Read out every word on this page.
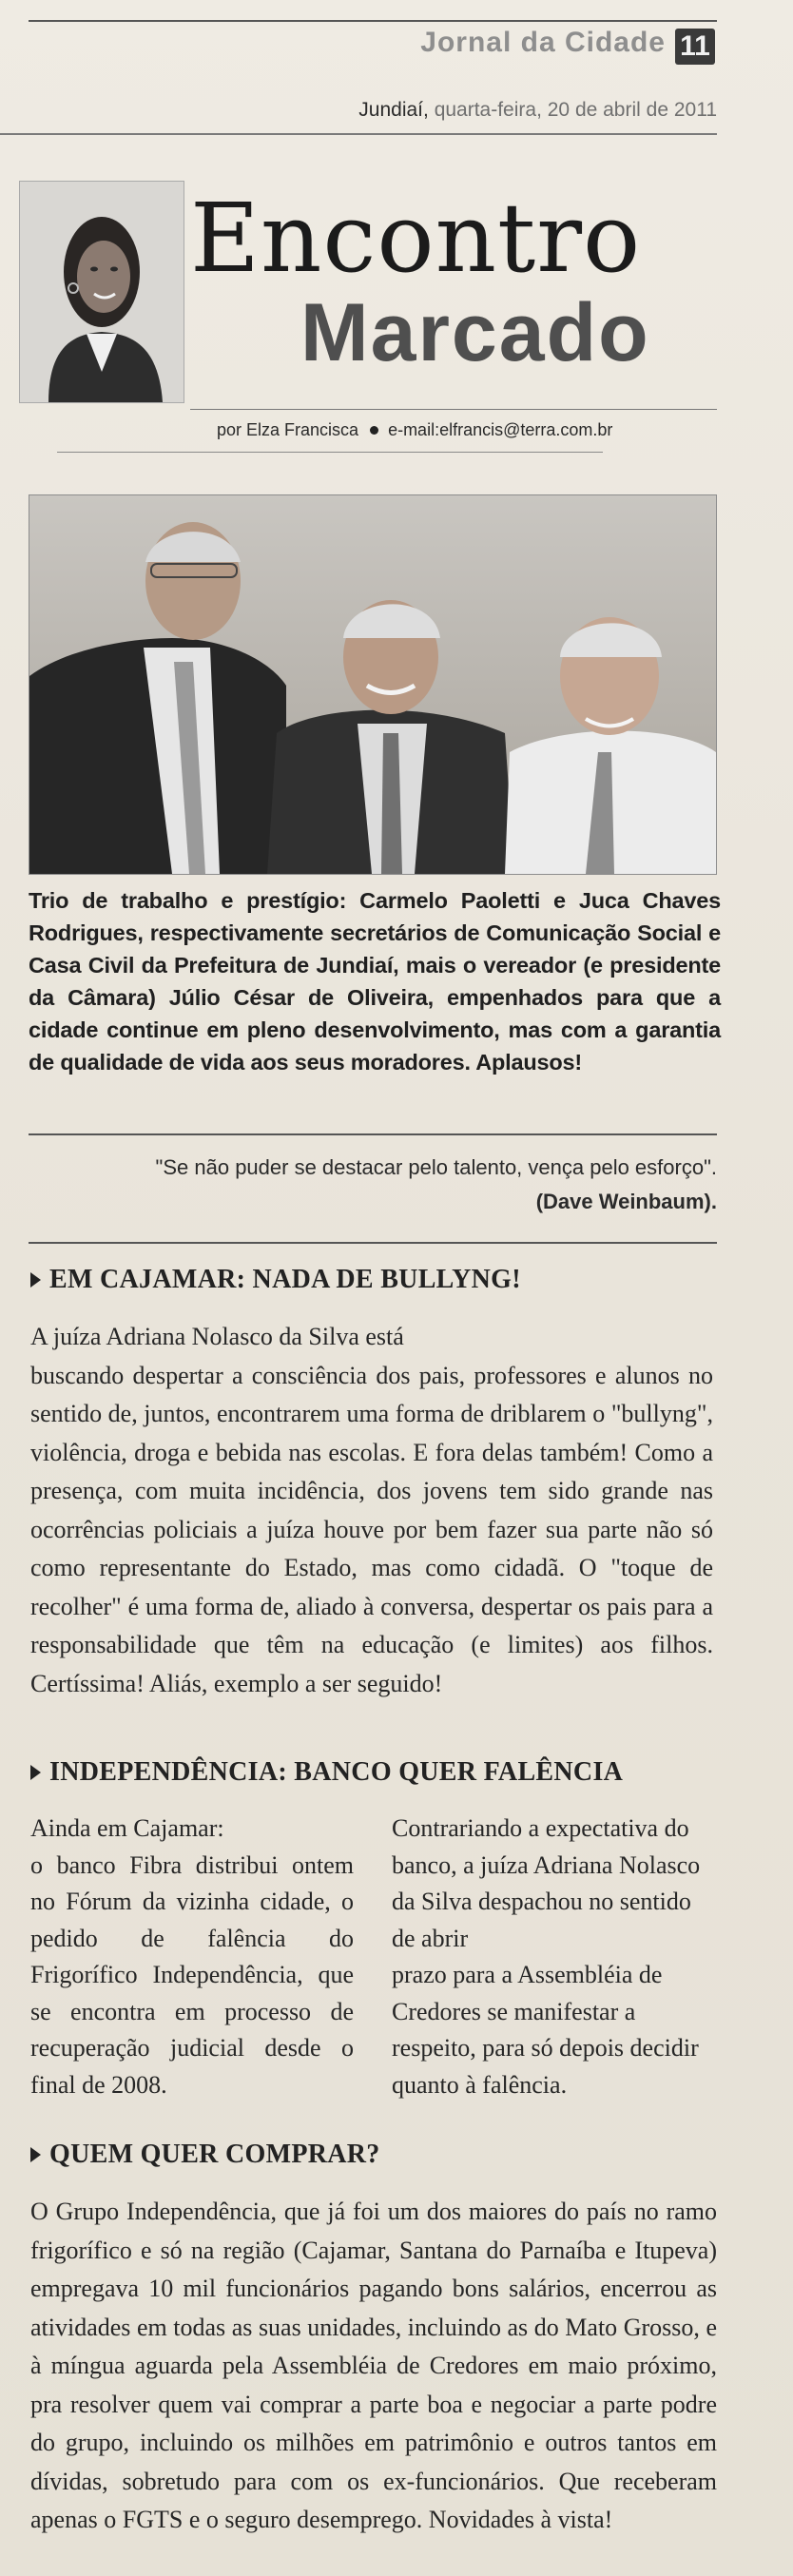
Jornal da Cidade 11
Jundiaí, quarta-feira, 20 de abril de 2011
Encontro
Marcado
por Elza Francisca e-mail:elfrancis@terra.com.br
Trio de trabalho e prestígio: Carmelo Paoletti e Juca Chaves Rodrigues, respectivamente secretários de Comunicação Social e Casa Civil da Prefeitura de Jundiaí, mais o vereador (e presidente da Câmara) Júlio César de Oliveira, empenhados para que a cidade continue em pleno desenvolvimento, mas com a garantia de qualidade de vida aos seus moradores. Aplausos!
"Se não puder se destacar pelo talento, vença pelo esforço".
(Dave Weinbaum).
EM CAJAMAR: NADA DE BULLYNG!

A juíza Adriana Nolasco da Silva está

buscando despertar a consciência dos pais, professores e alunos no sentido de, juntos, encontrarem uma forma de driblarem o "bullyng", violência, droga e bebida nas escolas. E fora delas também! Como a presença, com muita incidência, dos jovens tem sido grande nas ocorrências policiais a juíza houve por bem fazer sua parte não só como representante do Estado, mas como cidadã. O "toque de recolher" é uma forma de, aliado à conversa, despertar os pais para a responsabilidade que têm na educação (e limites) aos filhos. Certíssima! Aliás, exemplo a ser seguido!

INDEPENDÊNCIA: BANCO QUER FALÊNCIA

Ainda em Cajamar:

o banco Fibra distribui ontem no Fórum da vizinha cidade, o pedido de falência do Frigorífico Independência, que se encontra em processo de recuperação judicial desde o final de 2008.

Contrariando a expectativa do banco, a juíza Adriana Nolasco da Silva despachou no sentido de abrir

prazo para a Assembléia de Credores se manifestar a respeito, para só depois decidir quanto à falência.

QUEM QUER COMPRAR?

O Grupo Independência, que já foi um dos maiores do país no ramo frigorífico e só na região (Cajamar, Santana do Parnaíba e Itupeva) empregava 10 mil funcionários pagando bons salários, encerrou as atividades em todas as suas unidades, incluindo as do Mato Grosso, e à míngua aguarda pela Assembléia de Credores em maio próximo, pra resolver quem vai comprar a parte boa e negociar a parte podre do grupo, incluindo os milhões em patrimônio e outros tantos em dívidas, sobretudo para com os ex-funcionários. Que receberam apenas o FGTS e o seguro desemprego. Novidades à vista!
